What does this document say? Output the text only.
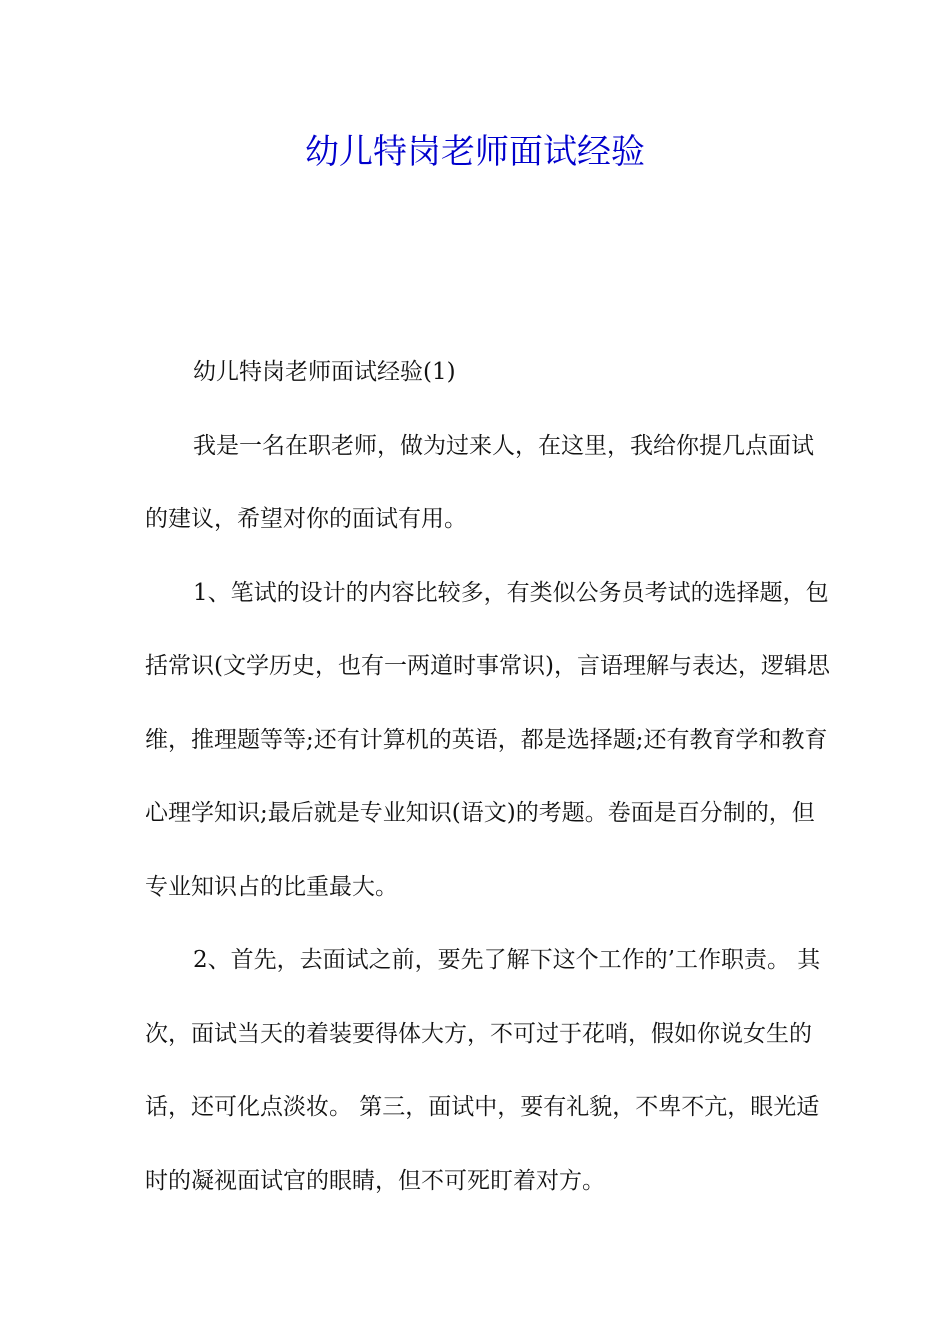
幼儿特岗老师面试经验

幼儿特岗老师面试经验(1)

我是一名在职老师，做为过来人，在这里，我给你提几点面试的建议，希望对你的面试有用。

1、笔试的设计的内容比较多，有类似公务员考试的选择题，包括常识(文学历史，也有一两道时事常识)，言语理解与表达，逻辑思维，推理题等等;还有计算机的英语，都是选择题;还有教育学和教育心理学知识;最后就是专业知识(语文)的考题。卷面是百分制的，但专业知识占的比重最大。

2、首先，去面试之前，要先了解下这个工作的’工作职责。 其次，面试当天的着装要得体大方，不可过于花哨，假如你说女生的话，还可化点淡妆。 第三，面试中，要有礼貌，不卑不亢，眼光适时的凝视面试官的眼睛，但不可死盯着对方。
